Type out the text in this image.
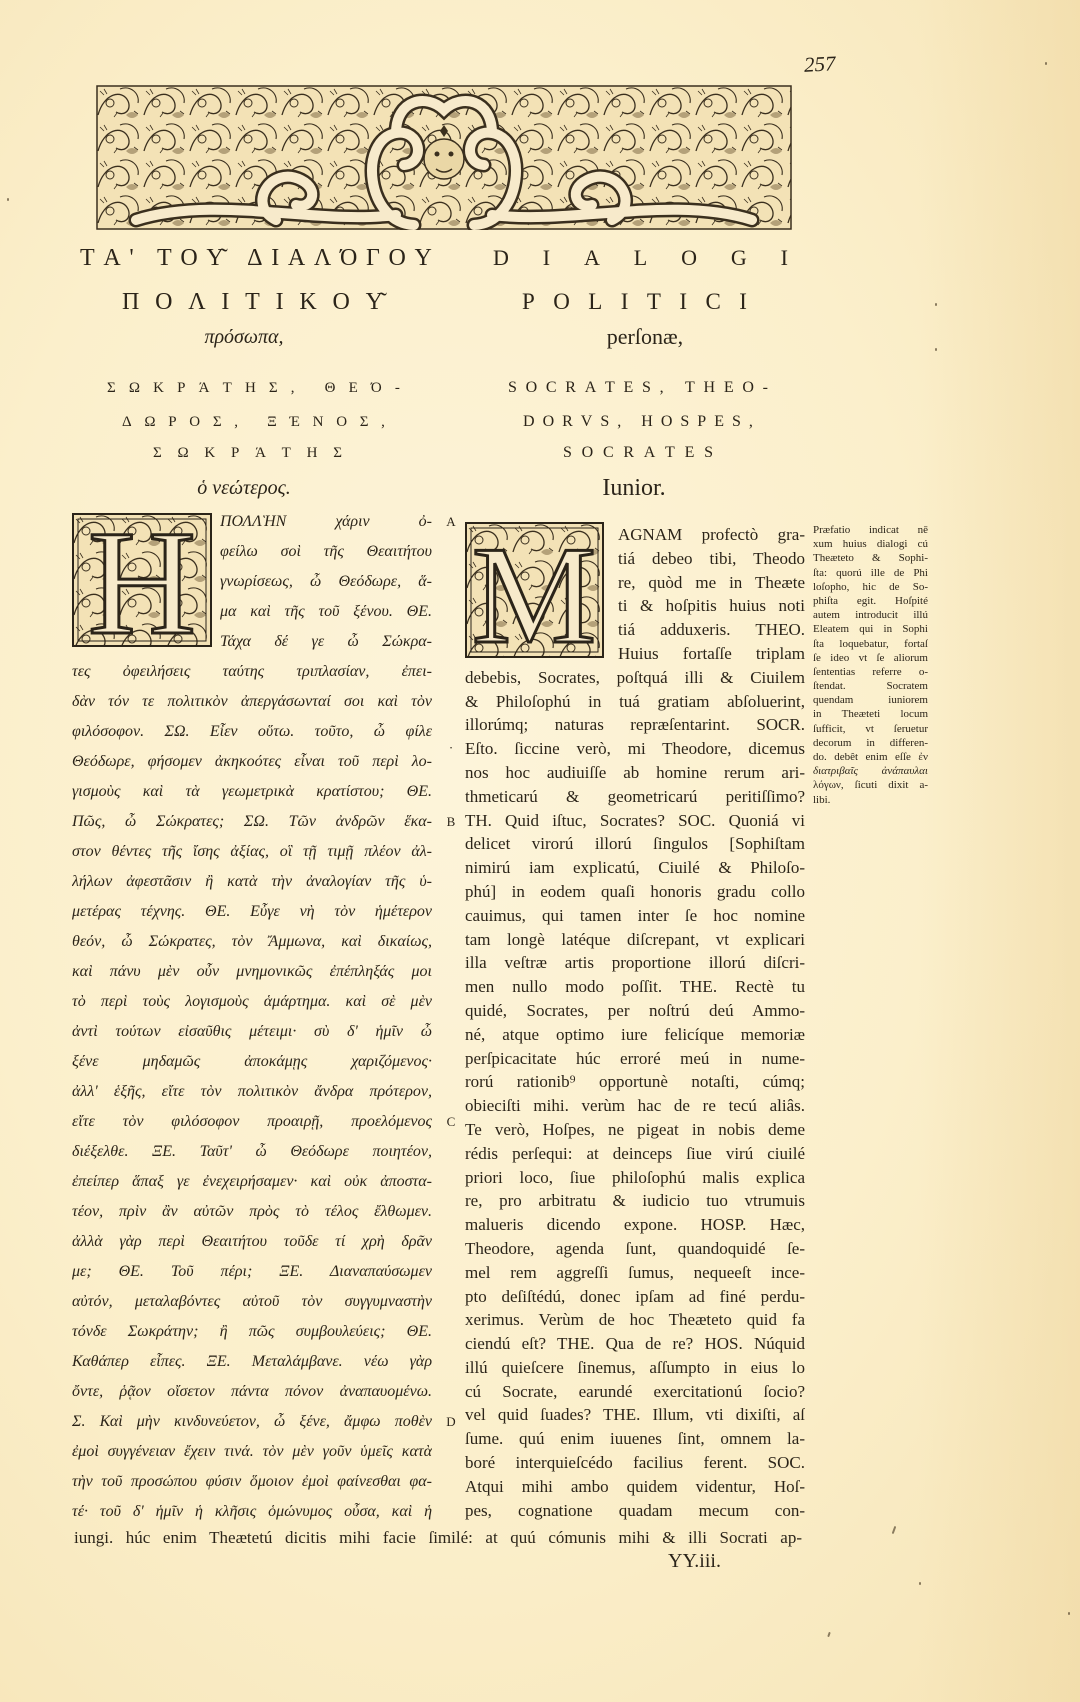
257
Τ Α '
Τ Ο Υ͂
Δ Ι Α Λ Ό Γ Ο Υ
Π Ο Λ Ι Τ Ι Κ Ο Υ͂
πρόσωπα,
Σ Ω Κ Ρ Ά Τ Η Σ ,
Θ Ε Ό -
Δ Ω Ρ Ο Σ ,
Ξ Έ Ν Ο Σ ,
Σ Ω Κ Ρ Ά Τ Η Σ
ὁ νεώτερος.
D I A L O G I
P O L I T I C I
perſonæ,
S O C R A T E S ,
T H E O -
D O R V S ,
H O S P E S ,
S O C R A T E S
Iunior.
Η M
ΠΟΛΛῊΝ χάριν ὀ-
φείλω σοὶ τῆς Θεαιτήτου
γνωρίσεως, ὦ Θεόδωρε, ἅ-
μα καὶ τῆς τοῦ ξένου. ΘΕ.
Τάχα δέ γε ὦ Σώκρα-
τες ὀφειλήσεις ταύτης τριπλασίαν, ἐπει-
δὰν τόν τε πολιτικὸν ἀπεργάσωνταί σοι καὶ τὸν
φιλόσοφον. ΣΩ. Εἶεν οὕτω. τοῦτο, ὦ φίλε
Θεόδωρε, φήσομεν ἀκηκοότες εἶναι τοῦ περὶ λο-
γισμοὺς καὶ τὰ γεωμετρικὰ κρατίστου; ΘΕ.
Πῶς, ὦ Σώκρατες; ΣΩ. Τῶν ἀνδρῶν ἕκα-
στον θέντες τῆς ἴσης ἀξίας, οἳ τῇ τιμῇ πλέον ἀλ-
λήλων ἀφεστᾶσιν ἢ κατὰ τὴν ἀναλογίαν τῆς ὑ-
μετέρας τέχνης. ΘΕ. Εὖγε νὴ τὸν ἡμέτερον
θεόν, ὦ Σώκρατες, τὸν Ἄμμωνα, καὶ δικαίως,
καὶ πάνυ μὲν οὖν μνημονικῶς ἐπέπληξάς μοι
τὸ περὶ τοὺς λογισμοὺς ἁμάρτημα. καὶ σὲ μὲν
ἀντὶ τούτων εἰσαῦθις μέτειμι· σὺ δ' ἡμῖν ὦ
ξένε μηδαμῶς ἀποκάμῃς χαριζόμενος·
ἀλλ' ἑξῆς, εἴτε τὸν πολιτικὸν ἄνδρα πρότερον,
εἴτε τὸν φιλόσοφον προαιρῇ, προελόμενος
διέξελθε. ΞΕ. Ταῦτ' ὦ Θεόδωρε ποιητέον,
ἐπείπερ ἅπαξ γε ἐνεχειρήσαμεν· καὶ οὐκ ἀποστα-
τέον, πρὶν ἂν αὐτῶν πρὸς τὸ τέλος ἔλθωμεν.
ἀλλὰ γὰρ περὶ Θεαιτήτου τοῦδε τί χρὴ δρᾶν
με; ΘΕ. Τοῦ πέρι; ΞΕ. Διαναπαύσωμεν
αὐτόν, μεταλαβόντες αὐτοῦ τὸν συγγυμναστὴν
τόνδε Σωκράτην; ἢ πῶς συμβουλεύεις; ΘΕ.
Καθάπερ εἶπες. ΞΕ. Μεταλάμβανε. νέω γὰρ
ὄντε, ῥᾷον οἴσετον πάντα πόνον ἀναπαυομένω.
Σ. Καὶ μὴν κινδυνεύετον, ὦ ξένε, ἄμφω ποθὲν
ἐμοὶ συγγένειαν ἔχειν τινά. τὸν μὲν γοῦν ὑμεῖς κατὰ
τὴν τοῦ προσώπου φύσιν ὅμοιον ἐμοὶ φαίνεσθαι φα-
τέ· τοῦ δ' ἡμῖν ἡ κλῆσις ὁμώνυμος οὖσα, καὶ ἡ
A
·
B
C
D
AGNAM profectò gra-
tiá debeo tibi, Theodo
re, quòd me in Theæte
ti & hoſpitis huius noti
tiá adduxeris. THEO.
Huius fortaſſe triplam
debebis, Socrates, poſtquá illi & Ciuilem
& Philoſophú in tuá gratiam abſoluerint,
illorúmq; naturas repræſentarint. SOCR.
Eſto. ſiccine verò, mi Theodore, dicemus
nos hoc audiuiſſe ab homine rerum ari-
thmeticarú & geometricarú peritiſſimo?
TH. Quid iſtuc, Socrates? SOC. Quoniá vi
delicet virorú illorú ſingulos [Sophiſtam
nimirú iam explicatú, Ciuilé & Philoſo-
phú] in eodem quaſi honoris gradu collo
cauimus, qui tamen inter ſe hoc nomine
tam longè latéque diſcrepant, vt explicari
illa veſtræ artis proportione illorú diſcri-
men nullo modo poſſit. THE. Rectè tu
quidé, Socrates, per noſtrú deú Ammo-
né, atque optimo iure felicíque memoriæ
perſpicacitate húc erroré meú in nume-
rorú rationib⁹ opportunè notaſti, cúmq;
obieciſti mihi. verùm hac de re tecú aliâs.
Te verò, Hoſpes, ne pigeat in nobis deme
rédis perſequi: at deinceps ſiue virú ciuilé
priori loco, ſiue philoſophú malis explica
re, pro arbitratu & iudicio tuo vtrumuis
malueris dicendo expone. HOSP. Hæc,
Theodore, agenda ſunt, quandoquidé ſe-
mel rem aggreſſi ſumus, nequeeſt ince-
pto deſiſtédú, donec ipſam ad finé perdu-
xerimus. Verùm de hoc Theæteto quid fa
ciendú eſt? THE. Qua de re? HOS. Núquid
illú quieſcere ſinemus, aſſumpto in eius lo
cú Socrate, earundé exercitationú ſocio?
vel quid ſuades? THE. Illum, vti dixiſti, aſ
ſume. quú enim iuuenes ſint, omnem la-
boré interquieſcédo facilius ferent. SOC.
Atqui mihi ambo quidem videntur, Hoſ-
pes, cognatione quadam mecum con-
Præfatio indicat nē
xum huius dialogi cú
Theæteto & Sophi-
ſta: quorú ille de Phi
loſopho, hic de So-
phiſta egit. Hoſpité
autem introducit illú
Eleatem qui in Sophi
ſta loquebatur, fortaſ
ſe ideo vt ſe aliorum
ſententias referre o-
ſtendat. Socratem
quendam iuniorem
in Theæteti locum
ſufficit, vt ſeruetur
decorum in differen-
do. debêt enim eſſe ἐν
διατριβαῖς ἀνάπαυλαι
λόγων, ſicuti dixit a-
libi.
iungi. húc enim Theætetú dicitis mihi facie ſimilé: at quú cómunis mihi & illi Socrati ap-
YY.iii.
